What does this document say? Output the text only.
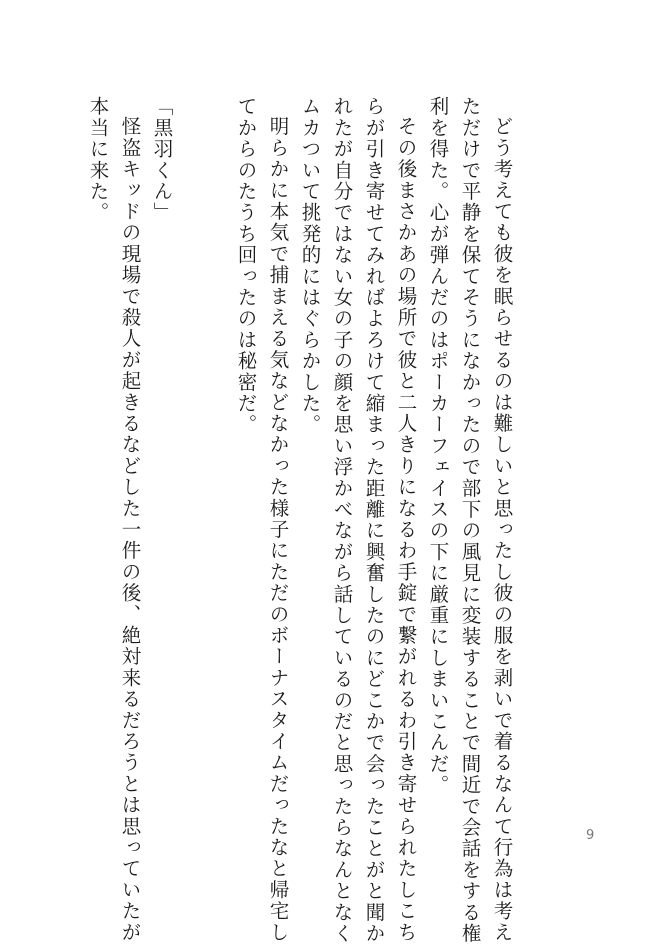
どう考えても彼を眠らせるのは難しいと思ったし彼の服を剥いで着るなんて行為は考え
ただけで平静を保てそうになかったので部下の風見に変装することで間近で会話をする権
利を得た。心が弾んだのはポーカーフェイスの下に厳重にしまいこんだ。
その後まさかあの場所で彼と二人きりになるわ手錠で繋がれるわ引き寄せられたしこち
らが引き寄せてみればよろけて縮まった距離に興奮したのにどこかで会ったことがと聞か
れたが自分ではない女の子の顔を思い浮かべながら話しているのだと思ったらなんとなく
ムカついて挑発的にはぐらかした。
明らかに本気で捕まえる気などなかった様子にただのボーナスタイムだったなと帰宅し
てからのたうち回ったのは秘密だ。
「黒羽くん」
怪盗キッドの現場で殺人が起きるなどした一件の後、絶対来るだろうとは思っていたが
本当に来た。
9
